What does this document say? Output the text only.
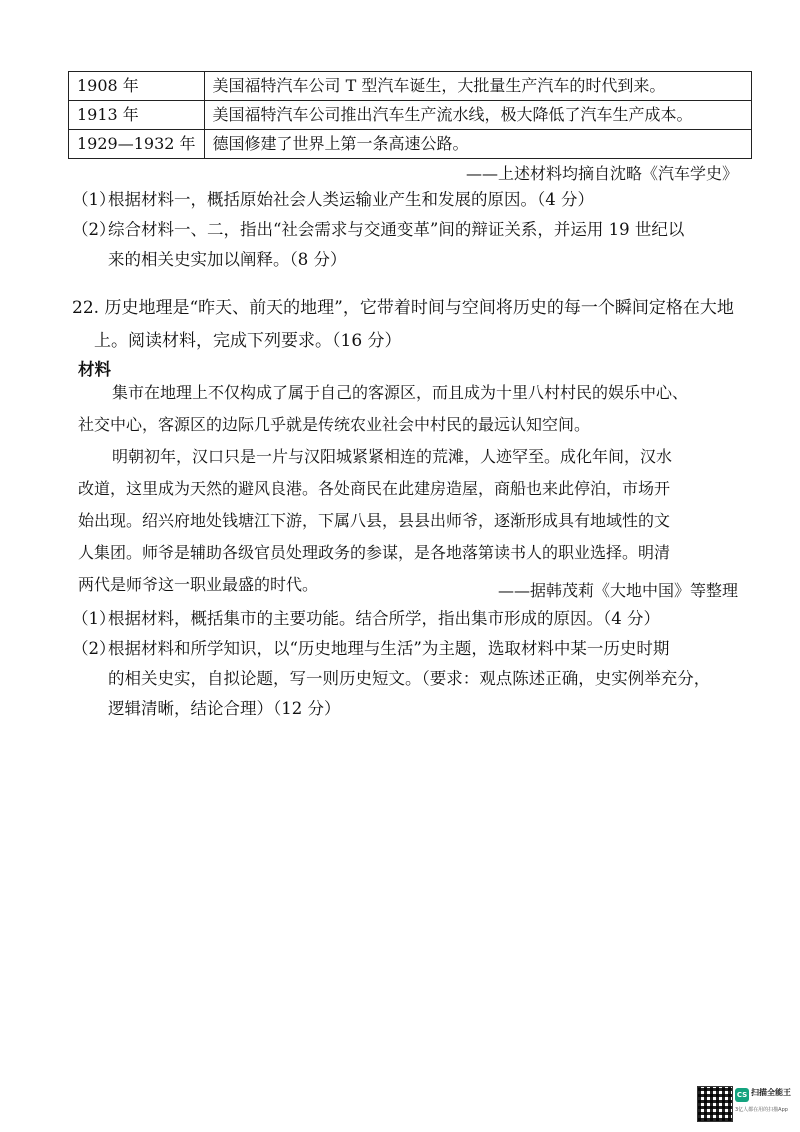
1908 年	美国福特汽车公司 T 型汽车诞生，大批量生产汽车的时代到来。
1913 年	美国福特汽车公司推出汽车生产流水线，极大降低了汽车生产成本。
1929—1932 年	德国修建了世界上第一条高速公路。
——上述材料均摘自沈略《汽车学史》
（1）根据材料一，概括原始社会人类运输业产生和发展的原因。（4 分）
（2）综合材料一、二，指出“社会需求与交通变革”间的辩证关系，并运用 19 世纪以
来的相关史实加以阐释。（8 分）
22. 历史地理是“昨天、前天的地理”，它带着时间与空间将历史的每一个瞬间定格在大地
上。阅读材料，完成下列要求。（16 分）
材料
集市在地理上不仅构成了属于自己的客源区，而且成为十里八村村民的娱乐中心、
社交中心，客源区的边际几乎就是传统农业社会中村民的最远认知空间。
明朝初年，汉口只是一片与汉阳城紧紧相连的荒滩，人迹罕至。成化年间，汉水
改道，这里成为天然的避风良港。各处商民在此建房造屋，商船也来此停泊，市场开
始出现。绍兴府地处钱塘江下游，下属八县，县县出师爷，逐渐形成具有地域性的文
人集团。师爷是辅助各级官员处理政务的参谋，是各地落第读书人的职业选择。明清
两代是师爷这一职业最盛的时代。	——据韩茂莉《大地中国》等整理
（1）根据材料，概括集市的主要功能。结合所学，指出集市形成的原因。（4 分）
（2）根据材料和所学知识，以“历史地理与生活”为主题，选取材料中某一历史时期
的相关史实，自拟论题，写一则历史短文。（要求：观点陈述正确，史实例举充分，
逻辑清晰，结论合理）（12 分）
CS 扫描全能王
3亿人都在用的扫描App
